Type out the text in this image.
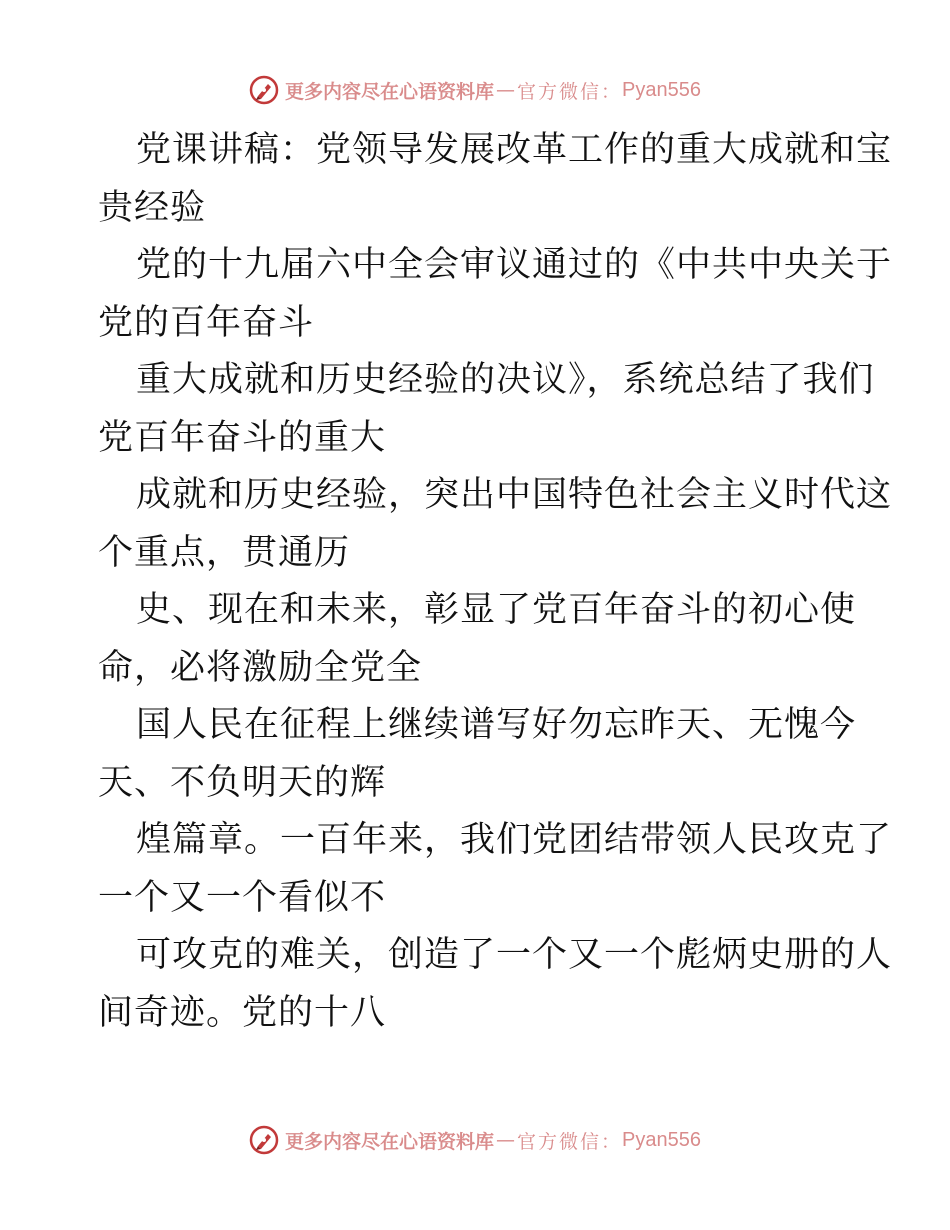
更多内容尽在心语资料库 — 官方微信： Pyan556
党课讲稿：党领导发展改革工作的重大成就和宝
贵经验
党的十九届六中全会审议通过的《中共中央关于
党的百年奋斗
重大成就和历史经验的决议》，系统总结了我们
党百年奋斗的重大
成就和历史经验，突出中国特色社会主义时代这
个重点，贯通历
史、现在和未来，彰显了党百年奋斗的初心使
命，必将激励全党全
国人民在征程上继续谱写好勿忘昨天、无愧今
天、不负明天的辉
煌篇章。一百年来，我们党团结带领人民攻克了
一个又一个看似不
可攻克的难关，创造了一个又一个彪炳史册的人
间奇迹。党的十八
更多内容尽在心语资料库 — 官方微信： Pyan556
